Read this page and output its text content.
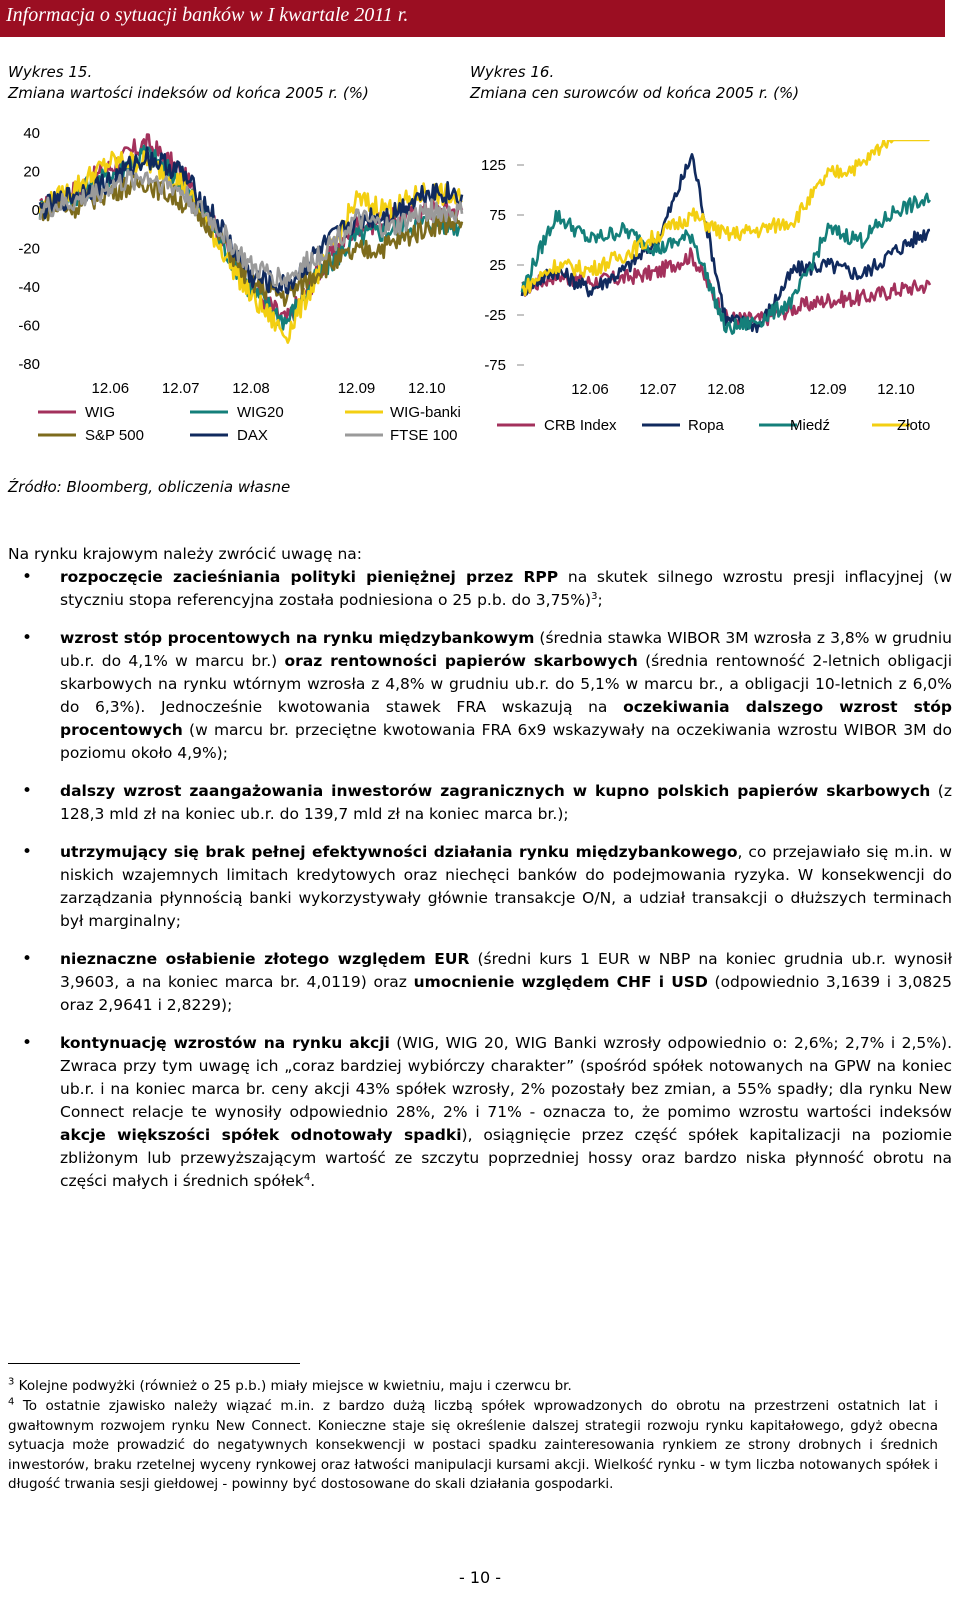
Informacja o sytuacji banków w I kwartale 2011 r.
Wykres 15.
Zmiana wartości indeksów od końca 2005 r. (%)
Wykres 16.
Zmiana cen surowców od końca 2005 r. (%)
40
20
0
-20
-40
-60
-80
12.06 12.07 12.08	12.09 12.10
WIG	WIG20	WIG-banki
S&P 500	DAX	FTSE 100
125
75
25
-25
-75
12.06 12.07 12.08	12.09 12.10
CRB Index	Ropa	Miedź	Złoto
Źródło: Bloomberg, obliczenia własne
Na rynku krajowym należy zwrócić uwagę na:
• rozpoczęcie zacieśniania polityki pieniężnej przez RPP na skutek silnego wzrostu presji inflacyjnej (w styczniu stopa referencyjna została podniesiona o 25 p.b. do 3,75%)$^3$;
• wzrost stóp procentowych na rynku międzybankowym (średnia stawka WIBOR 3M wzrosła z 3,8% w grudniu ub.r. do 4,1% w marcu br.) oraz rentowności papierów skarbowych (średnia rentowność 2-letnich obligacji skarbowych na rynku wtórnym wzrosła z 4,8% w grudniu ub.r. do 5,1% w marcu br., a obligacji 10-letnich z 6,0% do 6,3%). Jednocześnie kwotowania stawek FRA wskazują na oczekiwania dalszego wzrost stóp procentowych (w marcu br. przeciętne kwotowania FRA 6x9 wskazywały na oczekiwania wzrostu WIBOR 3M do poziomu około 4,9%);
• dalszy wzrost zaangażowania inwestorów zagranicznych w kupno polskich papierów skarbowych (z 128,3 mld zł na koniec ub.r. do 139,7 mld zł na koniec marca br.);
• utrzymujący się brak pełnej efektywności działania rynku międzybankowego, co przejawiało się m.in. w niskich wzajemnych limitach kredytowych oraz niechęci banków do podejmowania ryzyka. W konsekwencji do zarządzania płynnością banki wykorzystywały głównie transakcje O/N, a udział transakcji o dłuższych terminach był marginalny;
• nieznaczne osłabienie złotego względem EUR (średni kurs 1 EUR w NBP na koniec grudnia ub.r. wynosił 3,9603, a na koniec marca br. 4,0119) oraz umocnienie względem CHF i USD (odpowiednio 3,1639 i 3,0825 oraz 2,9641 i 2,8229);
• kontynuację wzrostów na rynku akcji (WIG, WIG 20, WIG Banki wzrosły odpowiednio o: 2,6%; 2,7% i 2,5%). Zwraca przy tym uwagę ich „coraz bardziej wybiórczy charakter” (spośród spółek notowanych na GPW na koniec ub.r. i na koniec marca br. ceny akcji 43% spółek wzrosły, 2% pozostały bez zmian, a 55% spadły; dla rynku New Connect relacje te wynosiły odpowiednio 28%, 2% i 71% - oznacza to, że pomimo wzrostu wartości indeksów akcje większości spółek odnotowały spadki), osiągnięcie przez część spółek kapitalizacji na poziomie zbliżonym lub przewyższającym wartość ze szczytu poprzedniej hossy oraz bardzo niska płynność obrotu na części małych i średnich spółek$^4$.
$^3$ Kolejne podwyżki (również o 25 p.b.) miały miejsce w kwietniu, maju i czerwcu br.
$^4$ To ostatnie zjawisko należy wiązać m.in. z bardzo dużą liczbą spółek wprowadzonych do obrotu na przestrzeni ostatnich lat i gwałtownym rozwojem rynku New Connect. Konieczne staje się określenie dalszej strategii rozwoju rynku kapitałowego, gdyż obecna sytuacja może prowadzić do negatywnych konsekwencji w postaci spadku zainteresowania rynkiem ze strony drobnych i średnich inwestorów, braku rzetelnej wyceny rynkowej oraz łatwości manipulacji kursami akcji. Wielkość rynku - w tym liczba notowanych spółek i długość trwania sesji giełdowej - powinny być dostosowane do skali działania gospodarki.
- 10 -
